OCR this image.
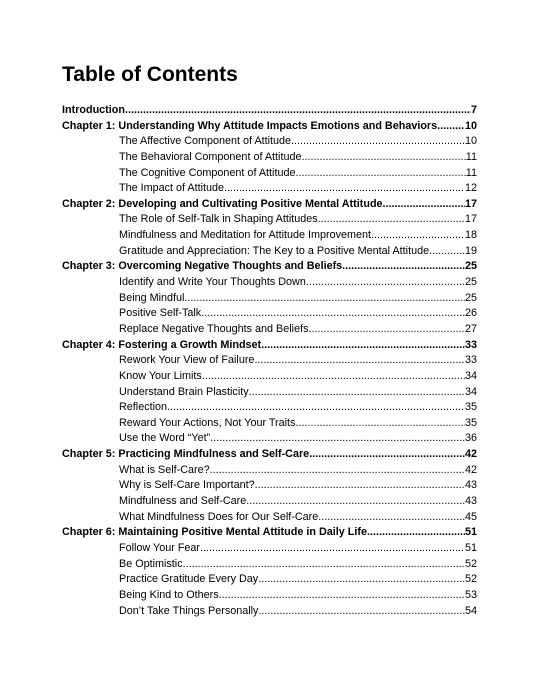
Table of Contents
Introduction .....	7
Chapter 1: Understanding Why Attitude Impacts Emotions and Behaviors .....	10
The Affective Component of Attitude .....	10
The Behavioral Component of Attitude .....	11
The Cognitive Component of Attitude .....	11
The Impact of Attitude .....	12
Chapter 2: Developing and Cultivating Positive Mental Attitude .....	17
The Role of Self-Talk in Shaping Attitudes .....	17
Mindfulness and Meditation for Attitude Improvement .....	18
Gratitude and Appreciation: The Key to a Positive Mental Attitude .....	19
Chapter 3: Overcoming Negative Thoughts and Beliefs .....	25
Identify and Write Your Thoughts Down .....	25
Being Mindful .....	25
Positive Self-Talk .....	26
Replace Negative Thoughts and Beliefs .....	27
Chapter 4: Fostering a Growth Mindset .....	33
Rework Your View of Failure .....	33
Know Your Limits .....	34
Understand Brain Plasticity .....	34
Reflection .....	35
Reward Your Actions, Not Your Traits .....	35
Use the Word “Yet” .....	36
Chapter 5: Practicing Mindfulness and Self-Care .....	42
What is Self-Care? .....	42
Why is Self-Care Important? .....	43
Mindfulness and Self-Care .....	43
What Mindfulness Does for Our Self-Care .....	45
Chapter 6: Maintaining Positive Mental Attitude in Daily Life .....	51
Follow Your Fear .....	51
Be Optimistic .....	52
Practice Gratitude Every Day .....	52
Being Kind to Others .....	53
Don’t Take Things Personally .....	54
